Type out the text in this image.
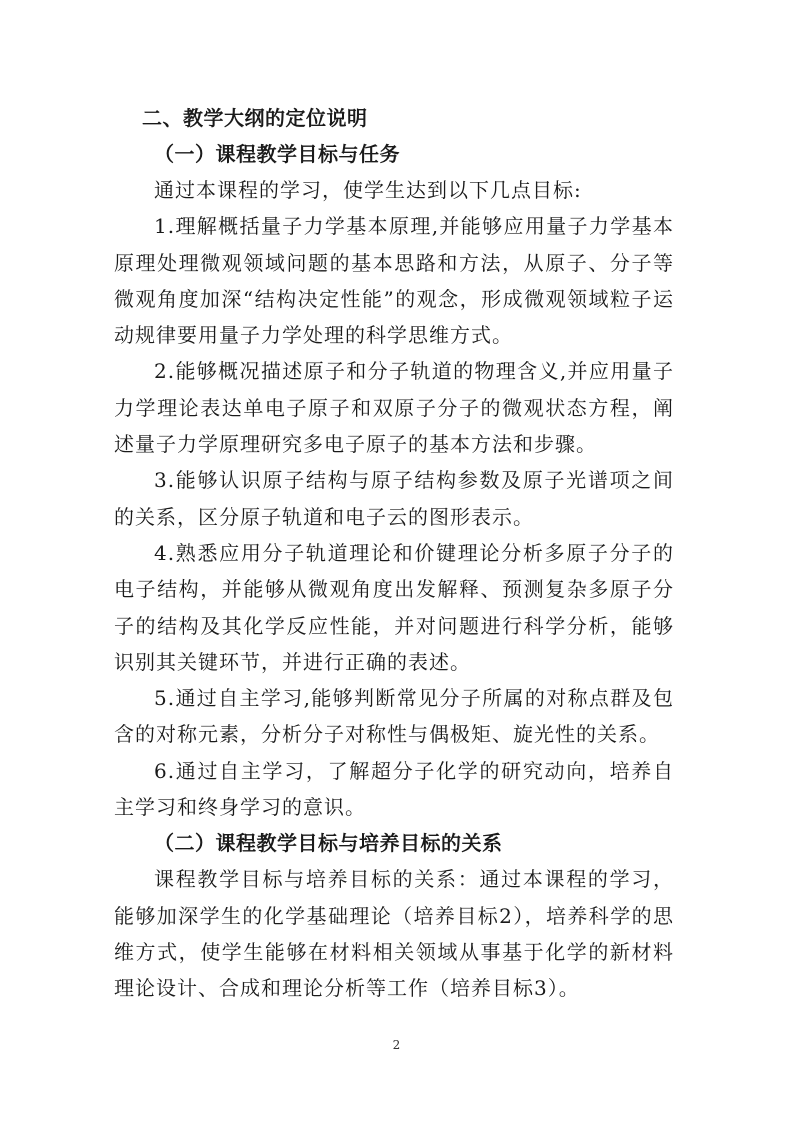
二、教学大纲的定位说明
（一）课程教学目标与任务

通过本课程的学习，使学生达到以下几点目标:

1.理解概括量子力学基本原理,并能够应用量子力学基本原理处理微观领域问题的基本思路和方法，从原子、分子等微观角度加深“结构决定性能”的观念，形成微观领域粒子运动规律要用量子力学处理的科学思维方式。

2.能够概况描述原子和分子轨道的物理含义,并应用量子力学理论表达单电子原子和双原子分子的微观状态方程，阐述量子力学原理研究多电子原子的基本方法和步骤。

3.能够认识原子结构与原子结构参数及原子光谱项之间的关系，区分原子轨道和电子云的图形表示。

4.熟悉应用分子轨道理论和价键理论分析多原子分子的电子结构，并能够从微观角度出发解释、预测复杂多原子分子的结构及其化学反应性能，并对问题进行科学分析，能够识别其关键环节，并进行正确的表述。

5.通过自主学习,能够判断常见分子所属的对称点群及包含的对称元素，分析分子对称性与偶极矩、旋光性的关系。

6.通过自主学习，了解超分子化学的研究动向，培养自主学习和终身学习的意识。

（二）课程教学目标与培养目标的关系

课程教学目标与培养目标的关系：通过本课程的学习，能够加深学生的化学基础理论（培养目标2），培养科学的思维方式，使学生能够在材料相关领域从事基于化学的新材料理论设计、合成和理论分析等工作（培养目标3）。

2
